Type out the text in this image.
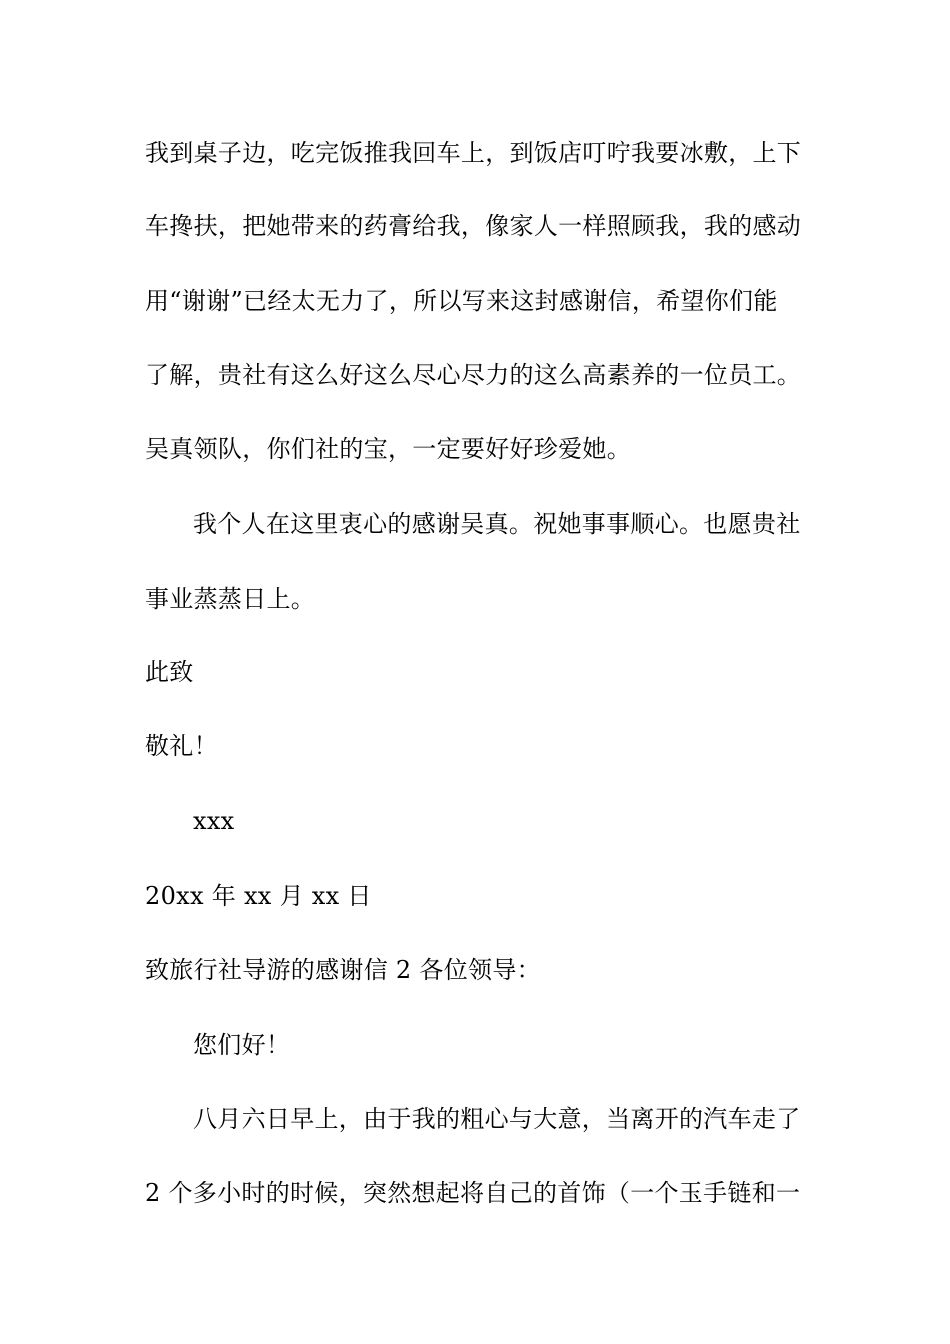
我到桌子边，吃完饭推我回车上，到饭店叮咛我要冰敷，上下
车搀扶，把她带来的药膏给我，像家人一样照顾我，我的感动
用“谢谢”已经太无力了，所以写来这封感谢信，希望你们能
了解，贵社有这么好这么尽心尽力的这么高素养的一位员工。
吴真领队，你们社的宝，一定要好好珍爱她。
我个人在这里衷心的感谢吴真。祝她事事顺心。也愿贵社
事业蒸蒸日上。
此致
敬礼！
xxx
20xx 年 xx 月 xx 日
致旅行社导游的感谢信 2 各位领导：
您们好！
八月六日早上，由于我的粗心与大意，当离开的汽车走了
2 个多小时的时候，突然想起将自己的首饰（一个玉手链和一
